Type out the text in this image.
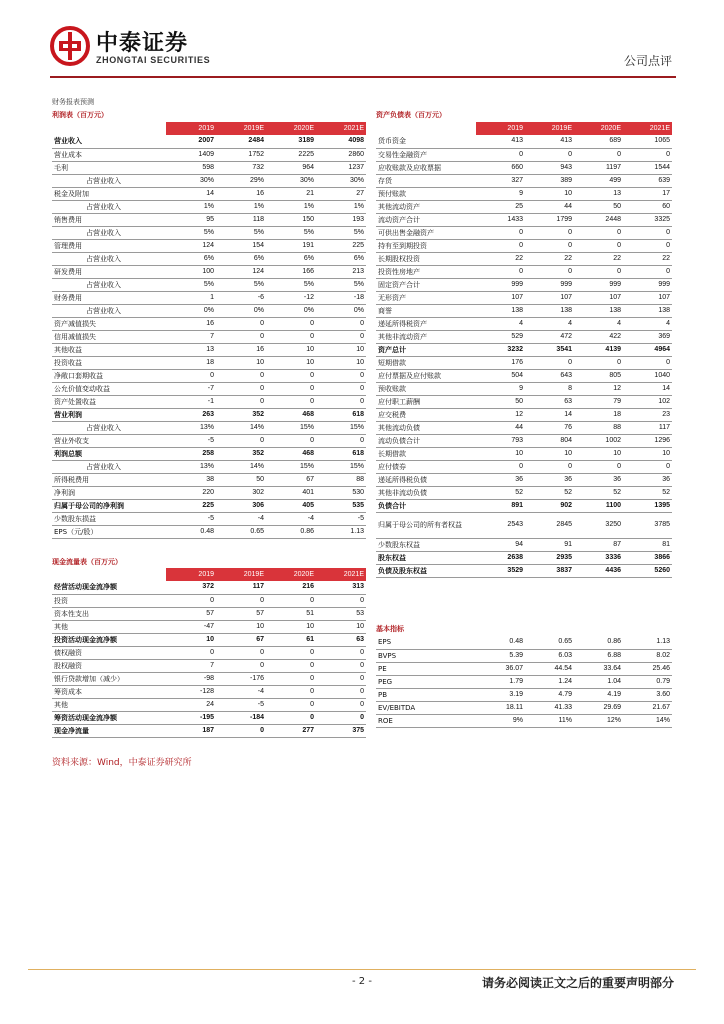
中泰证券
ZHONGTAI SECURITIES	公司点评
财务报表预测
利润表（百万元）
	2019	2019E	2020E	2021E
营业收入	2007	2484	3189	4098
营业成本	1409	1752	2225	2860
毛利	598	732	964	1237
占营业收入	30%	29%	30%	30%
税金及附加	14	16	21	27
占营业收入	1%	1%	1%	1%
销售费用	95	118	150	193
占营业收入	5%	5%	5%	5%
管理费用	124	154	191	225
占营业收入	6%	6%	6%	6%
研发费用	100	124	166	213
占营业收入	5%	5%	5%	5%
财务费用	1	-6	-12	-18
占营业收入	0%	0%	0%	0%
资产减值损失	16	0	0	0
信用减值损失	7	0	0	0
其他收益	13	16	10	10
投资收益	18	10	10	10
净敞口套期收益	0	0	0	0
公允价值变动收益	-7	0	0	0
资产处置收益	-1	0	0	0
营业利润	263	352	468	618
占营业收入	13%	14%	15%	15%
营业外收支	-5	0	0	0
利润总额	258	352	468	618
占营业收入	13%	14%	15%	15%
所得税费用	38	50	67	88
净利润	220	302	401	530
归属于母公司的净利润	225	306	405	535
少数股东损益	-5	-4	-4	-5
EPS（元/股）	0.48	0.65	0.86	1.13
资产负债表（百万元）
	2019	2019E	2020E	2021E
货币资金	413	413	689	1065
交易性金融资产	0	0	0	0
应收账款及应收票据	660	943	1197	1544
存货	327	389	499	639
预付账款	9	10	13	17
其他流动资产	25	44	50	60
流动资产合计	1433	1799	2448	3325
可供出售金融资产	0	0	0	0
持有至到期投资	0	0	0	0
长期股权投资	22	22	22	22
投资性房地产	0	0	0	0
固定资产合计	999	999	999	999
无形资产	107	107	107	107
商誉	138	138	138	138
递延所得税资产	4	4	4	4
其他非流动资产	529	472	422	369
资产总计	3232	3541	4139	4964
短期借款	176	0	0	0
应付票据及应付账款	504	643	805	1040
预收账款	9	8	12	14
应付职工薪酬	50	63	79	102
应交税费	12	14	18	23
其他流动负债	44	76	88	117
流动负债合计	793	804	1002	1296
长期借款	10	10	10	10
应付债券	0	0	0	0
递延所得税负债	36	36	36	36
其他非流动负债	52	52	52	52
负债合计	891	902	1100	1395
归属于母公司的所有者权益	2543	2845	3250	3785
少数股东权益	94	91	87	81
股东权益	2638	2935	3336	3866
负债及股东权益	3529	3837	4436	5260
现金流量表（百万元）
	2019	2019E	2020E	2021E
经营活动现金流净额	372	117	216	313
投资	0	0	0	0
资本性支出	57	57	51	53
其他	-47	10	10	10
投资活动现金流净额	10	67	61	63
债权融资	0	0	0	0
股权融资	7	0	0	0
银行贷款增加（减少）	-98	-176	0	0
筹资成本	-128	-4	0	0
其他	24	-5	0	0
筹资活动现金流净额	-195	-184	0	0
现金净流量	187	0	277	375
基本指标
EPS	0.48	0.65	0.86	1.13
BVPS	5.39	6.03	6.88	8.02
PE	36.07	44.54	33.64	25.46
PEG	1.79	1.24	1.04	0.79
PB	3.19	4.79	4.19	3.60
EV/EBITDA	18.11	41.33	29.69	21.67
ROE	9%	11%	12%	14%
资料来源：Wind，中泰证券研究所
- 2 -	请务必阅读正文之后的重要声明部分
